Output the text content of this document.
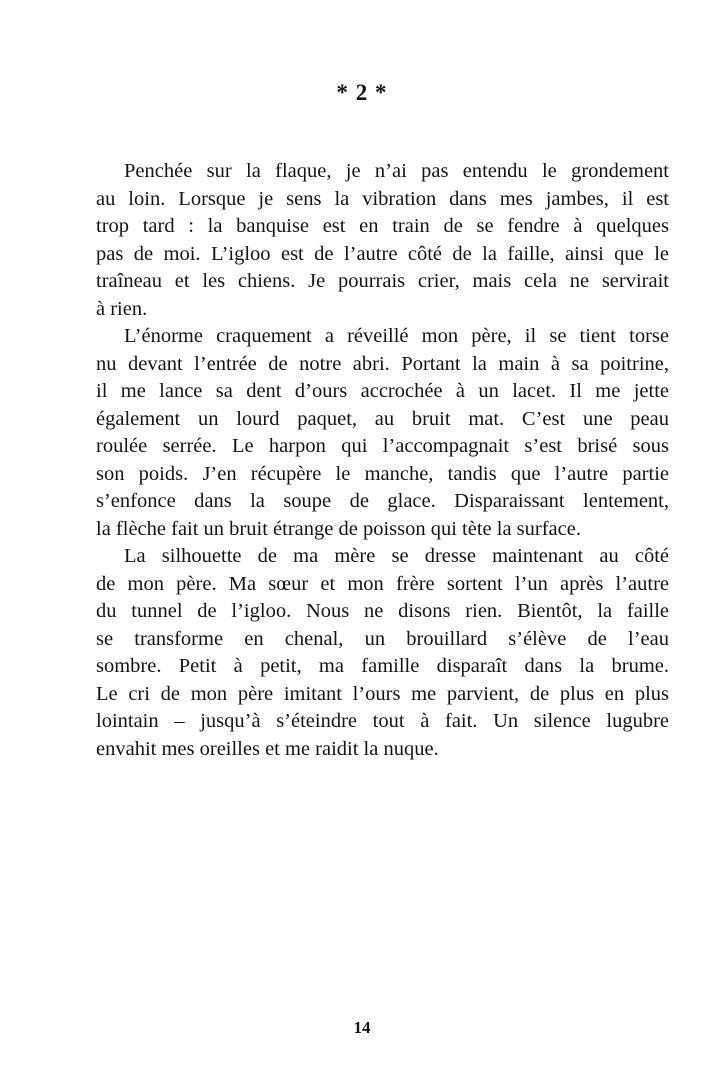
* 2 *
Penchée sur la flaque, je n’ai pas entendu le grondement
au loin. Lorsque je sens la vibration dans mes jambes, il est
trop tard : la banquise est en train de se fendre à quelques
pas de moi. L’igloo est de l’autre côté de la faille, ainsi que le
traîneau et les chiens. Je pourrais crier, mais cela ne servirait
à rien.
L’énorme craquement a réveillé mon père, il se tient torse
nu devant l’entrée de notre abri. Portant la main à sa poitrine,
il me lance sa dent d’ours accrochée à un lacet. Il me jette
également un lourd paquet, au bruit mat. C’est une peau
roulée serrée. Le harpon qui l’accompagnait s’est brisé sous
son poids. J’en récupère le manche, tandis que l’autre partie
s’enfonce dans la soupe de glace. Disparaissant lentement,
la flèche fait un bruit étrange de poisson qui tète la surface.
La silhouette de ma mère se dresse maintenant au côté
de mon père. Ma sœur et mon frère sortent l’un après l’autre
du tunnel de l’igloo. Nous ne disons rien. Bientôt, la faille
se transforme en chenal, un brouillard s’élève de l’eau
sombre. Petit à petit, ma famille disparaît dans la brume.
Le cri de mon père imitant l’ours me parvient, de plus en plus
lointain – jusqu’à s’éteindre tout à fait. Un silence lugubre
envahit mes oreilles et me raidit la nuque.
14
